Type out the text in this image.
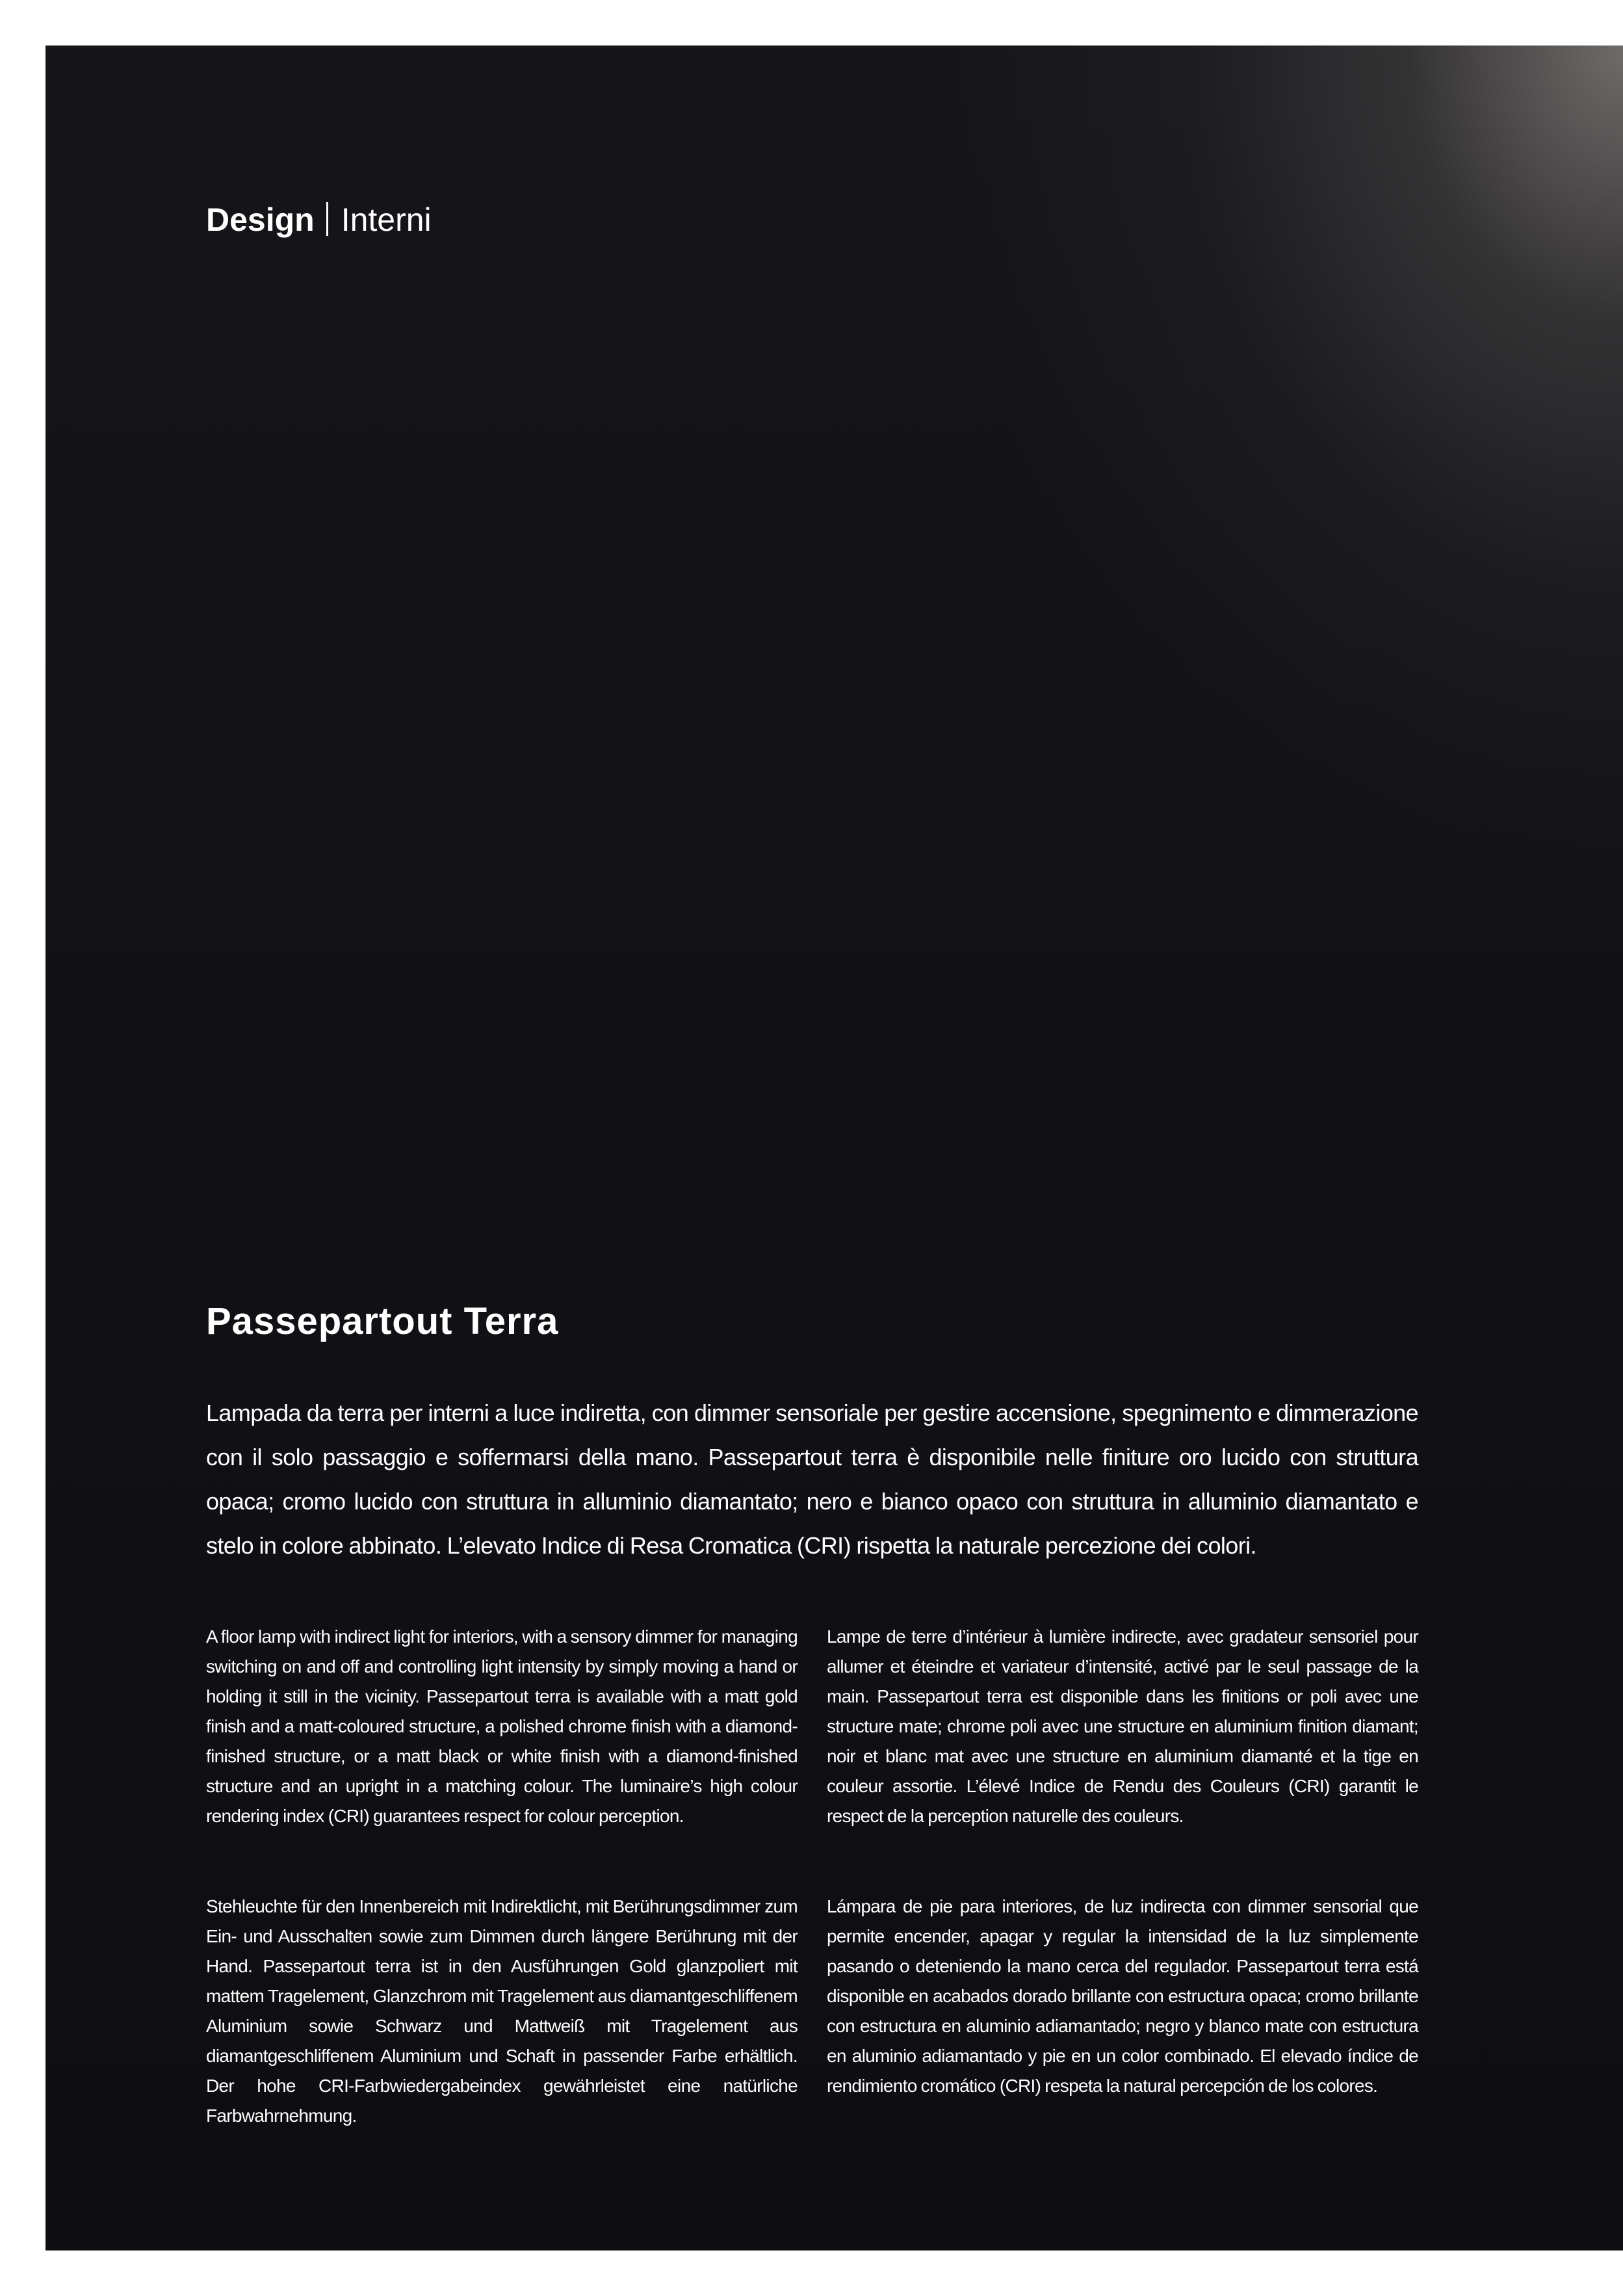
Design Interni
Passepartout Terra

Lampada da terra per interni a luce indiretta, con dimmer sensoriale per gestire accensione, spegnimento e dimmerazione con il solo passaggio e soffermarsi della mano. Passepartout terra è disponibile nelle finiture oro lucido con struttura opaca; cromo lucido con struttura in alluminio diamantato; nero e bianco opaco con struttura in alluminio diamantato e stelo in colore abbinato. L’elevato Indice di Resa Cromatica (CRI) rispetta la naturale percezione dei colori.

A floor lamp with indirect light for interiors, with a sensory dimmer for managing switching on and off and controlling light intensity by simply moving a hand or holding it still in the vicinity. Passepartout terra is available with a matt gold finish and a matt-coloured structure, a polished chrome finish with a diamond-finished structure, or a matt black or white finish with a diamond-finished structure and an upright in a matching colour. The luminaire’s high colour rendering index (CRI) guarantees respect for colour perception.

Lampe de terre d’intérieur à lumière indirecte, avec gradateur sensoriel pour allumer et éteindre et variateur d’intensité, activé par le seul passage de la main. Passepartout terra est disponible dans les finitions or poli avec une structure mate; chrome poli avec une structure en aluminium finition diamant; noir et blanc mat avec une structure en aluminium diamanté et la tige en couleur assortie. L’élevé Indice de Rendu des Couleurs (CRI) garantit le respect de la perception naturelle des couleurs.

Stehleuchte für den Innenbereich mit Indirektlicht, mit Berührungsdimmer zum Ein- und Ausschalten sowie zum Dimmen durch längere Berührung mit der Hand. Passepartout terra ist in den Ausführungen Gold glanzpoliert mit mattem Tragelement, Glanzchrom mit Tragelement aus diamantgeschliffenem Aluminium sowie Schwarz und Mattweiß mit Tragelement aus diamantgeschliffenem Aluminium und Schaft in passender Farbe erhältlich. Der hohe CRI-Farbwiedergabeindex gewährleistet eine natürliche Farbwahrnehmung.

Lámpara de pie para interiores, de luz indirecta con dimmer sensorial que permite encender, apagar y regular la intensidad de la luz simplemente pasando o deteniendo la mano cerca del regulador. Passepartout terra está disponible en acabados dorado brillante con estructura opaca; cromo brillante con estructura en aluminio adiamantado; negro y blanco mate con estructura en aluminio adiamantado y pie en un color combinado. El elevado índice de rendimiento cromático (CRI) respeta la natural percepción de los colores.
